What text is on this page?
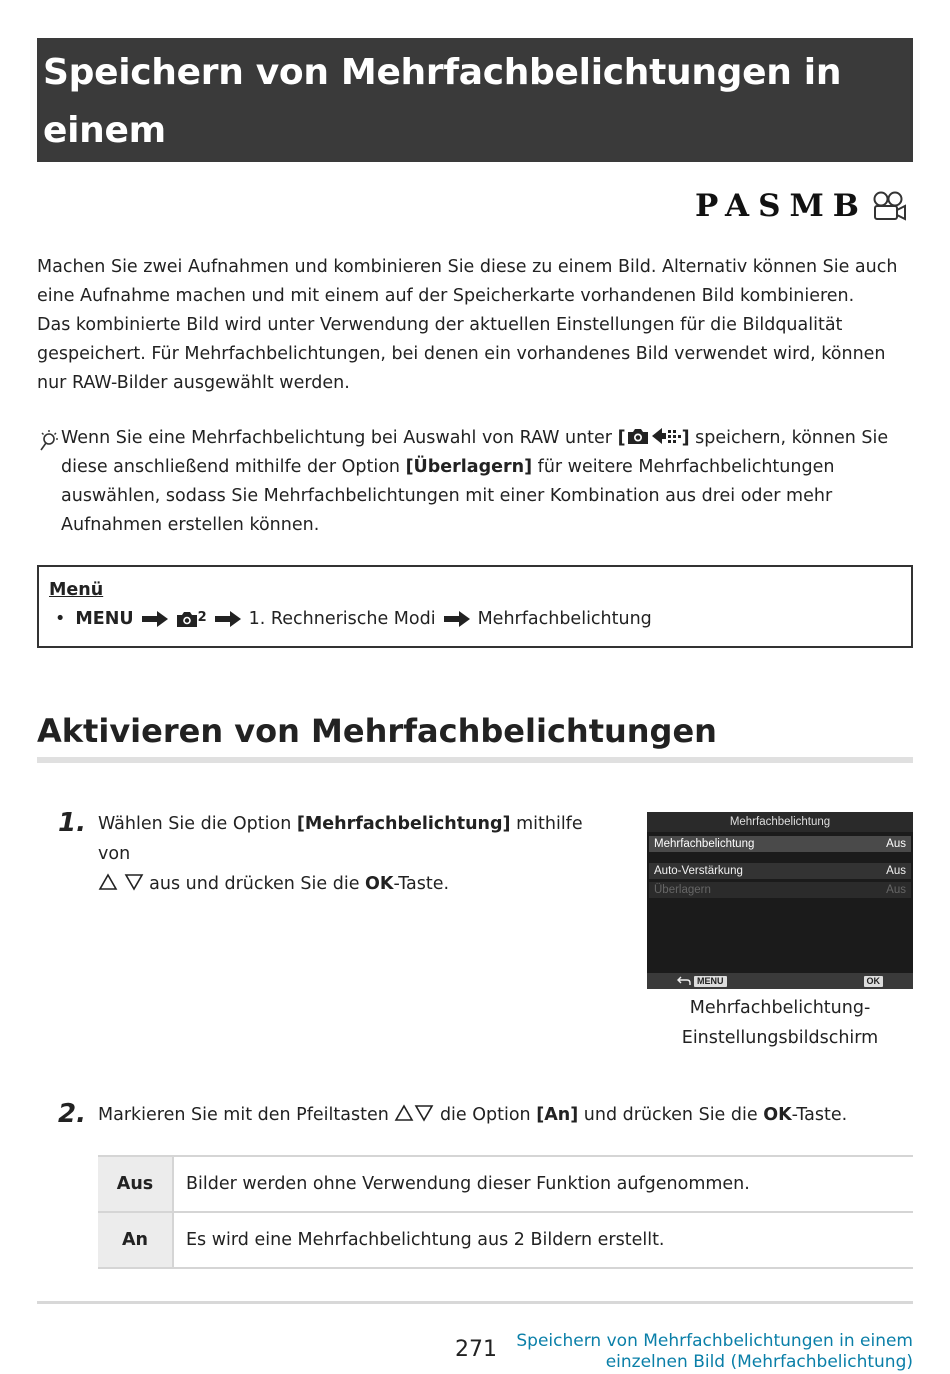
Speichern von Mehrfachbelichtungen in einem
einzelnen Bild (Mehrfachbelichtung)
PASMB

Machen Sie zwei Aufnahmen und kombinieren Sie diese zu einem Bild. Alternativ können Sie auch eine Aufnahme machen und mit einem auf der Speicherkarte vorhandenen Bild kombinieren.

Das kombinierte Bild wird unter Verwendung der aktuellen Einstellungen für die Bildqualität gespeichert. Für Mehrfachbelichtungen, bei denen ein vorhandenes Bild verwendet wird, können nur RAW-Bilder ausgewählt werden.

Wenn Sie eine Mehrfachbelichtung bei Auswahl von RAW unter [	] speichern, können Sie diese anschließend mithilfe der Option [Überlagern] für weitere Mehrfachbelichtungen auswählen, sodass Sie Mehrfachbelichtungen mit einer Kombination aus drei oder mehr Aufnahmen erstellen können.
Menü
• MENU	2 1. Rechnerische Modi Mehrfachbelichtung
Aktivieren von Mehrfachbelichtungen
1. Wählen Sie die Option [Mehrfachbelichtung] mithilfe von
aus und drücken Sie die OK-Taste.
Mehrfachbelichtung
Mehrfachbelichtung	Aus
Auto-Verstärkung	Aus
Überlagern	Aus
MENU	OK
Mehrfachbelichtung-
Einstellungsbildschirm
2. Markieren Sie mit den Pfeiltasten  die Option [An] und drücken Sie die OK-Taste.
Aus	Bilder werden ohne Verwendung dieser Funktion aufgenommen.
An	Es wird eine Mehrfachbelichtung aus 2 Bildern erstellt.
271 Speichern von Mehrfachbelichtungen in einem
einzelnen Bild (Mehrfachbelichtung)
